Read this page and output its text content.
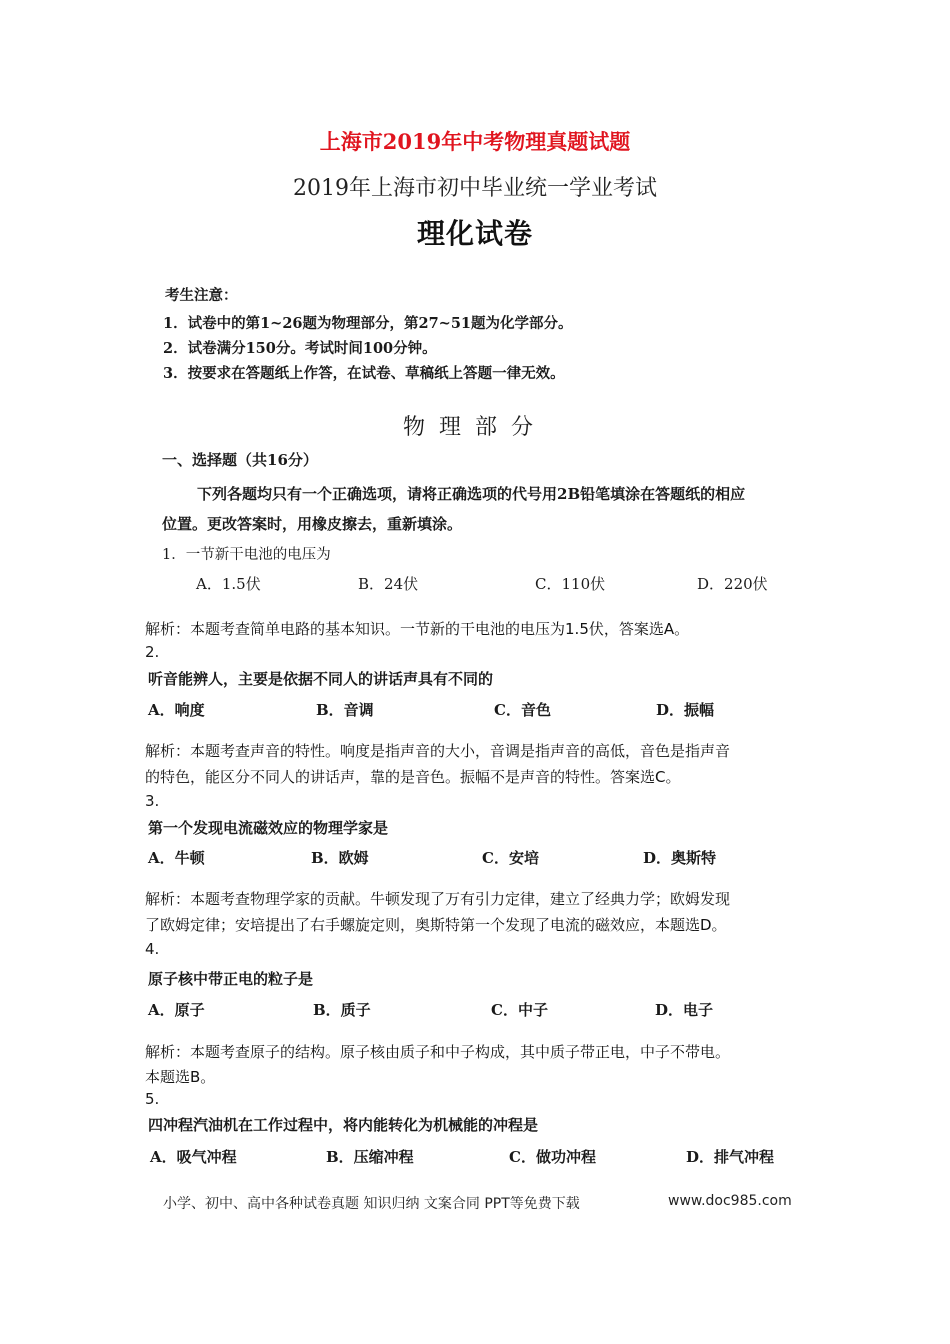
上海市2019年中考物理真题试题
2019年上海市初中毕业统一学业考试
理化试卷
考生注意：
1．试卷中的第1~26题为物理部分，第27~51题为化学部分。
2．试卷满分150分。考试时间100分钟。
3．按要求在答题纸上作答，在试卷、草稿纸上答题一律无效。
物理部分
一、选择题（共16分）
下列各题均只有一个正确选项，请将正确选项的代号用2B铅笔填涂在答题纸的相应
位置。更改答案时，用橡皮擦去，重新填涂。
1．一节新干电池的电压为
A．1.5伏	B．24伏	C．110伏	D．220伏
解析：本题考查简单电路的基本知识。一节新的干电池的电压为1.5伏，答案选A。
2.
听音能辨人，主要是依据不同人的讲话声具有不同的
A．响度	B．音调	C．音色	D．振幅
解析：本题考查声音的特性。响度是指声音的大小，音调是指声音的高低，音色是指声音
的特色，能区分不同人的讲话声，靠的是音色。振幅不是声音的特性。答案选C。
3.
第一个发现电流磁效应的物理学家是
A．牛顿	B．欧姆	C．安培	D．奥斯特
解析：本题考查物理学家的贡献。牛顿发现了万有引力定律，建立了经典力学；欧姆发现
了欧姆定律；安培提出了右手螺旋定则，奥斯特第一个发现了电流的磁效应，本题选D。
4.
原子核中带正电的粒子是
A．原子	B．质子	C．中子	D．电子
解析：本题考查原子的结构。原子核由质子和中子构成，其中质子带正电，中子不带电。
本题选B。
5.
四冲程汽油机在工作过程中，将内能转化为机械能的冲程是
A．吸气冲程	B．压缩冲程	C．做功冲程	D．排气冲程
小学、初中、高中各种试卷真题 知识归纳 文案合同 PPT等免费下载	www.doc985.com
